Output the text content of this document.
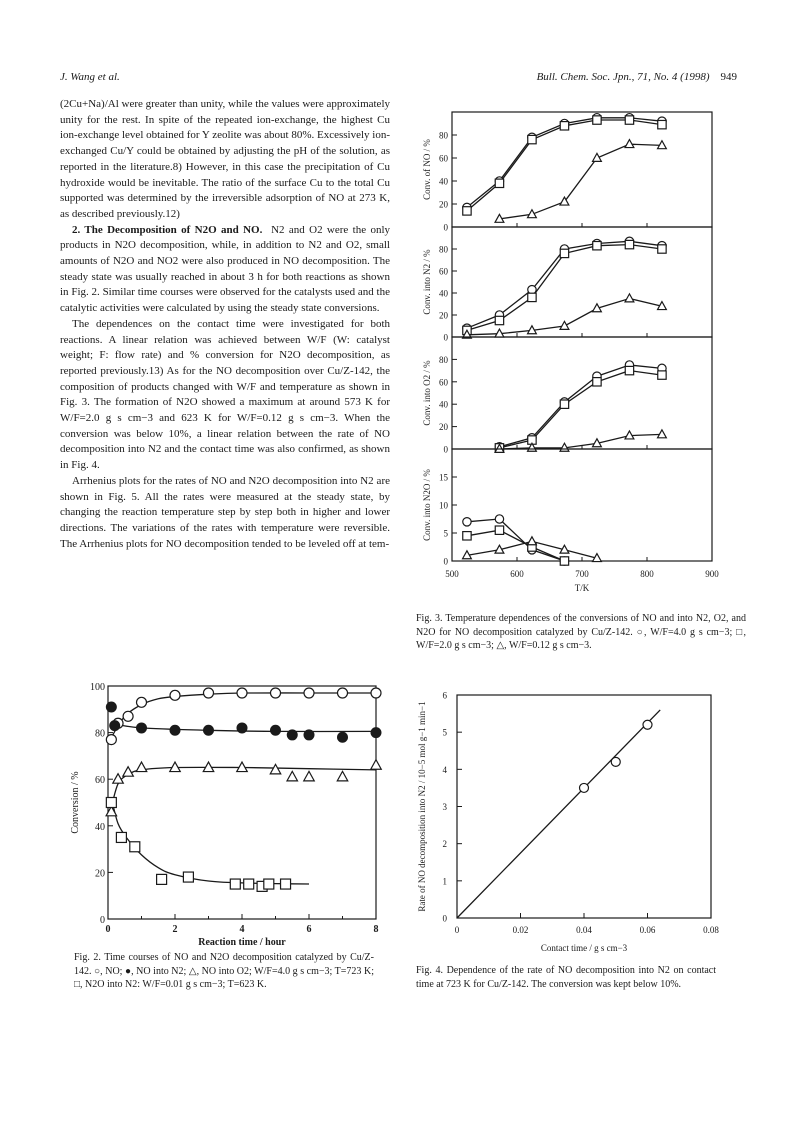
J. Wang et al.	Bull. Chem. Soc. Jpn., 71, No. 4 (1998) 949

(2Cu+Na)/Al were greater than unity, while the values were approximately unity for the rest. In spite of the repeated ion-exchange, the highest Cu ion-exchange level obtained for Y zeolite was about 80%. Excessively ion-exchanged Cu/Y could be obtained by adjusting the pH of the solution, as reported in the literature.8) However, in this case the precipitation of Cu hydroxide would be inevitable. The ratio of the surface Cu to the total Cu supported was determined by the irreversible adsorption of NO at 273 K, as described previously.12)

2. The Decomposition of N2O and NO. N2 and O2 were the only products in N2O decomposition, while, in addition to N2 and O2, small amounts of N2O and NO2 were also produced in NO decomposition. The steady state was usually reached in about 3 h for both reactions as shown in Fig. 2. Similar time courses were observed for the catalysts used and the catalytic activities were calculated by using the steady state conversions.

The dependences on the contact time were investigated for both reactions. A linear relation was achieved between W/F (W: catalyst weight; F: flow rate) and % conversion for N2O decomposition, as reported previously.13) As for the NO decomposition over Cu/Z-142, the composition of products changed with W/F and temperature as shown in Fig. 3. The formation of N2O showed a maximum at around 573 K for W/F=2.0 g s cm−3 and 623 K for W/F=0.12 g s cm−3. When the conversion was below 10%, a linear relation between the rate of NO decomposition into N2 and the contact time was also confirmed, as shown in Fig. 4.

Arrhenius plots for the rates of NO and N2O decomposition into N2 are shown in Fig. 5. All the rates were measured at the steady state, by changing the reaction temperature step by step both in higher and lower directions. The variations of the rates with temperature were reversible. The Arrhenius plots for NO decomposition tended to be leveled off at tem-

0
20
40
60
80
100
0	2	4	6	8
Reaction time / hour
Conversion / %
0
20
40
60
80
Conv. of NO / %
0
20
40
60
80
Conv. into N2 / %
0
20
40
60
80
Conv. into O2 / %
0
5
10
15
Conv. into N2O / %
500	600	700	800	900
T/K
0
1
2
3
4
5
6
0	0.02	0.04	0.06	0.08
Contact time / g s cm−3
Rate of NO decomposition into N2 / 10−5 mol g−1 min−1
Fig. 3. Temperature dependences of the conversions of NO and into N2, O2, and N2O for NO decomposition catalyzed by Cu/Z-142. ○, W/F=4.0 g s cm−3; □, W/F=2.0 g s cm−3; △, W/F=0.12 g s cm−3.
Fig. 2. Time courses of NO and N2O decomposition catalyzed by Cu/Z-142. ○, NO; ●, NO into N2; △, NO into O2; W/F=4.0 g s cm−3; T=723 K; □, N2O into N2: W/F=0.01 g s cm−3; T=623 K.
Fig. 4. Dependence of the rate of NO decomposition into N2 on contact time at 723 K for Cu/Z-142. The conversion was kept below 10%.
